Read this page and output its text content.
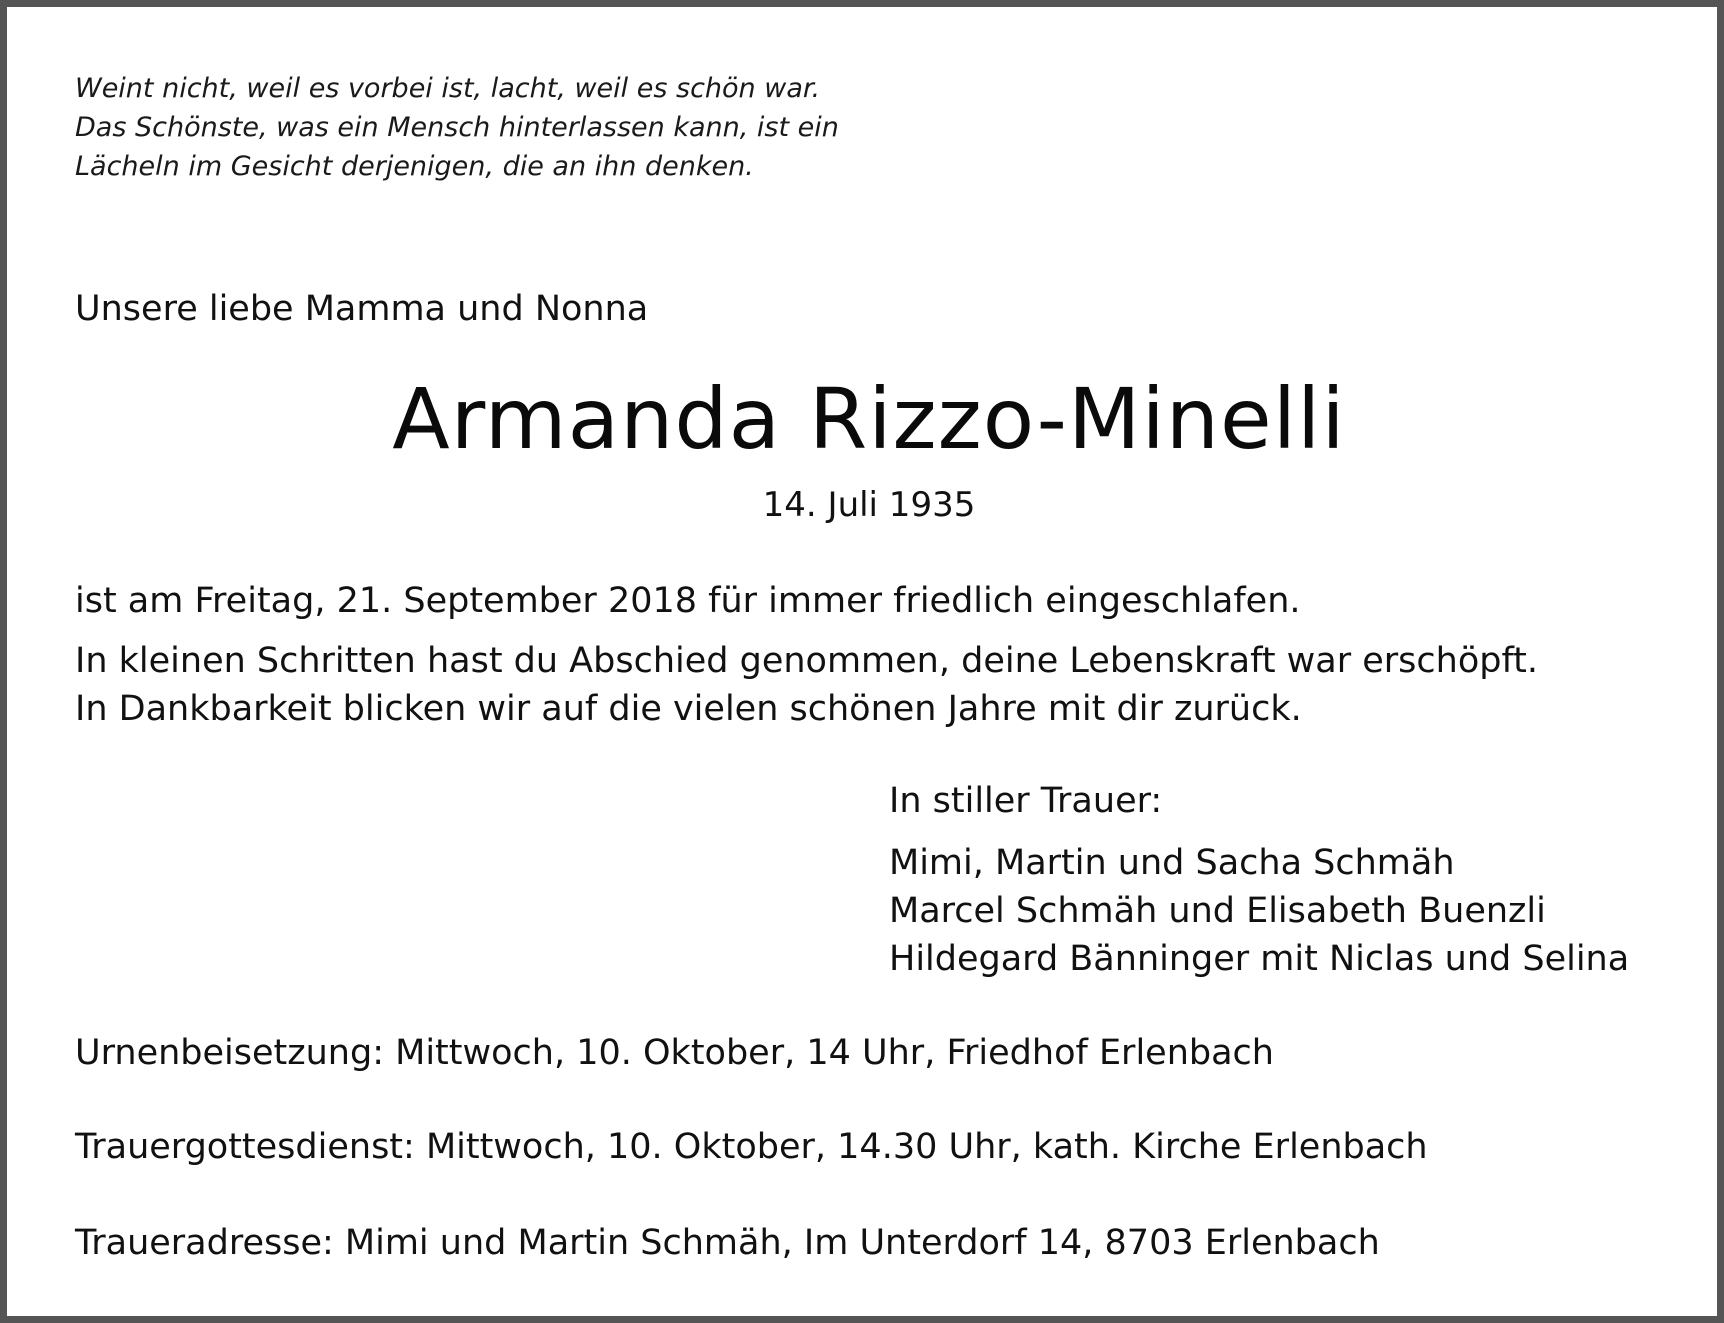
Weint nicht, weil es vorbei ist, lacht, weil es schön war.
Das Schönste, was ein Mensch hinterlassen kann, ist ein
Lächeln im Gesicht derjenigen, die an ihn denken.
Unsere liebe Mamma und Nonna
Armanda Rizzo-Minelli
14. Juli 1935
ist am Freitag, 21. September 2018 für immer friedlich eingeschlafen.
In kleinen Schritten hast du Abschied genommen, deine Lebenskraft war erschöpft.
In Dankbarkeit blicken wir auf die vielen schönen Jahre mit dir zurück.
In stiller Trauer:
Mimi, Martin und Sacha Schmäh
Marcel Schmäh und Elisabeth Buenzli
Hildegard Bänninger mit Niclas und Selina
Urnenbeisetzung: Mittwoch, 10. Oktober, 14 Uhr, Friedhof Erlenbach
Trauergottesdienst: Mittwoch, 10. Oktober, 14.30 Uhr, kath. Kirche Erlenbach
Traueradresse: Mimi und Martin Schmäh, Im Unterdorf 14, 8703 Erlenbach
